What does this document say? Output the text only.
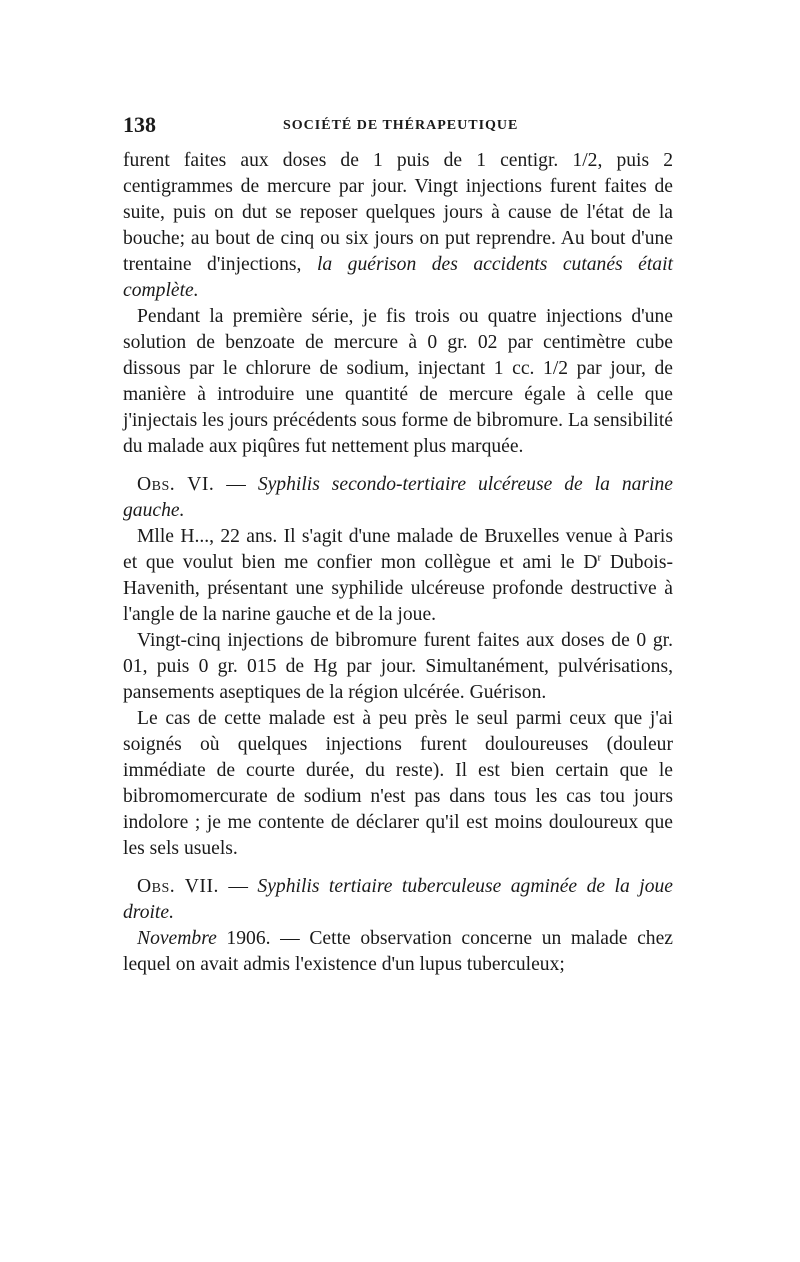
138	SOCIÉTÉ DE THÉRAPEUTIQUE

furent faites aux doses de 1 puis de 1 centigr. 1/2, puis 2 centigrammes de mercure par jour. Vingt injections furent faites de suite, puis on dut se reposer quelques jours à cause de l'état de la bouche; au bout de cinq ou six jours on put reprendre. Au bout d'une trentaine d'injections, la guérison des accidents cutanés était complète.

Pendant la première série, je fis trois ou quatre injections d'une solution de benzoate de mercure à 0 gr. 02 par centimètre cube dissous par le chlorure de sodium, injectant 1 cc. 1/2 par jour, de manière à introduire une quantité de mercure égale à celle que j'injectais les jours précédents sous forme de bibromure. La sensibilité du malade aux piqûres fut nettement plus marquée.

Obs. VI. — Syphilis secondo-tertiaire ulcéreuse de la narine gauche.

Mlle H..., 22 ans. Il s'agit d'une malade de Bruxelles venue à Paris et que voulut bien me confier mon collègue et ami le $D^r$ Dubois-Havenith, présentant une syphilide ulcéreuse profonde destructive à l'angle de la narine gauche et de la joue.

Vingt-cinq injections de bibromure furent faites aux doses de 0 gr. 01, puis 0 gr. 015 de Hg par jour. Simultanément, pulvérisations, pansements aseptiques de la région ulcérée. Guérison.

Le cas de cette malade est à peu près le seul parmi ceux que j'ai soignés où quelques injections furent douloureuses (douleur immédiate de courte durée, du reste). Il est bien certain que le bibromomercurate de sodium n'est pas dans tous les cas tou jours indolore ; je me contente de déclarer qu'il est moins douloureux que les sels usuels.

Obs. VII. — Syphilis tertiaire tuberculeuse agminée de la joue droite.

Novembre 1906. — Cette observation concerne un malade chez lequel on avait admis l'existence d'un lupus tuberculeux;
